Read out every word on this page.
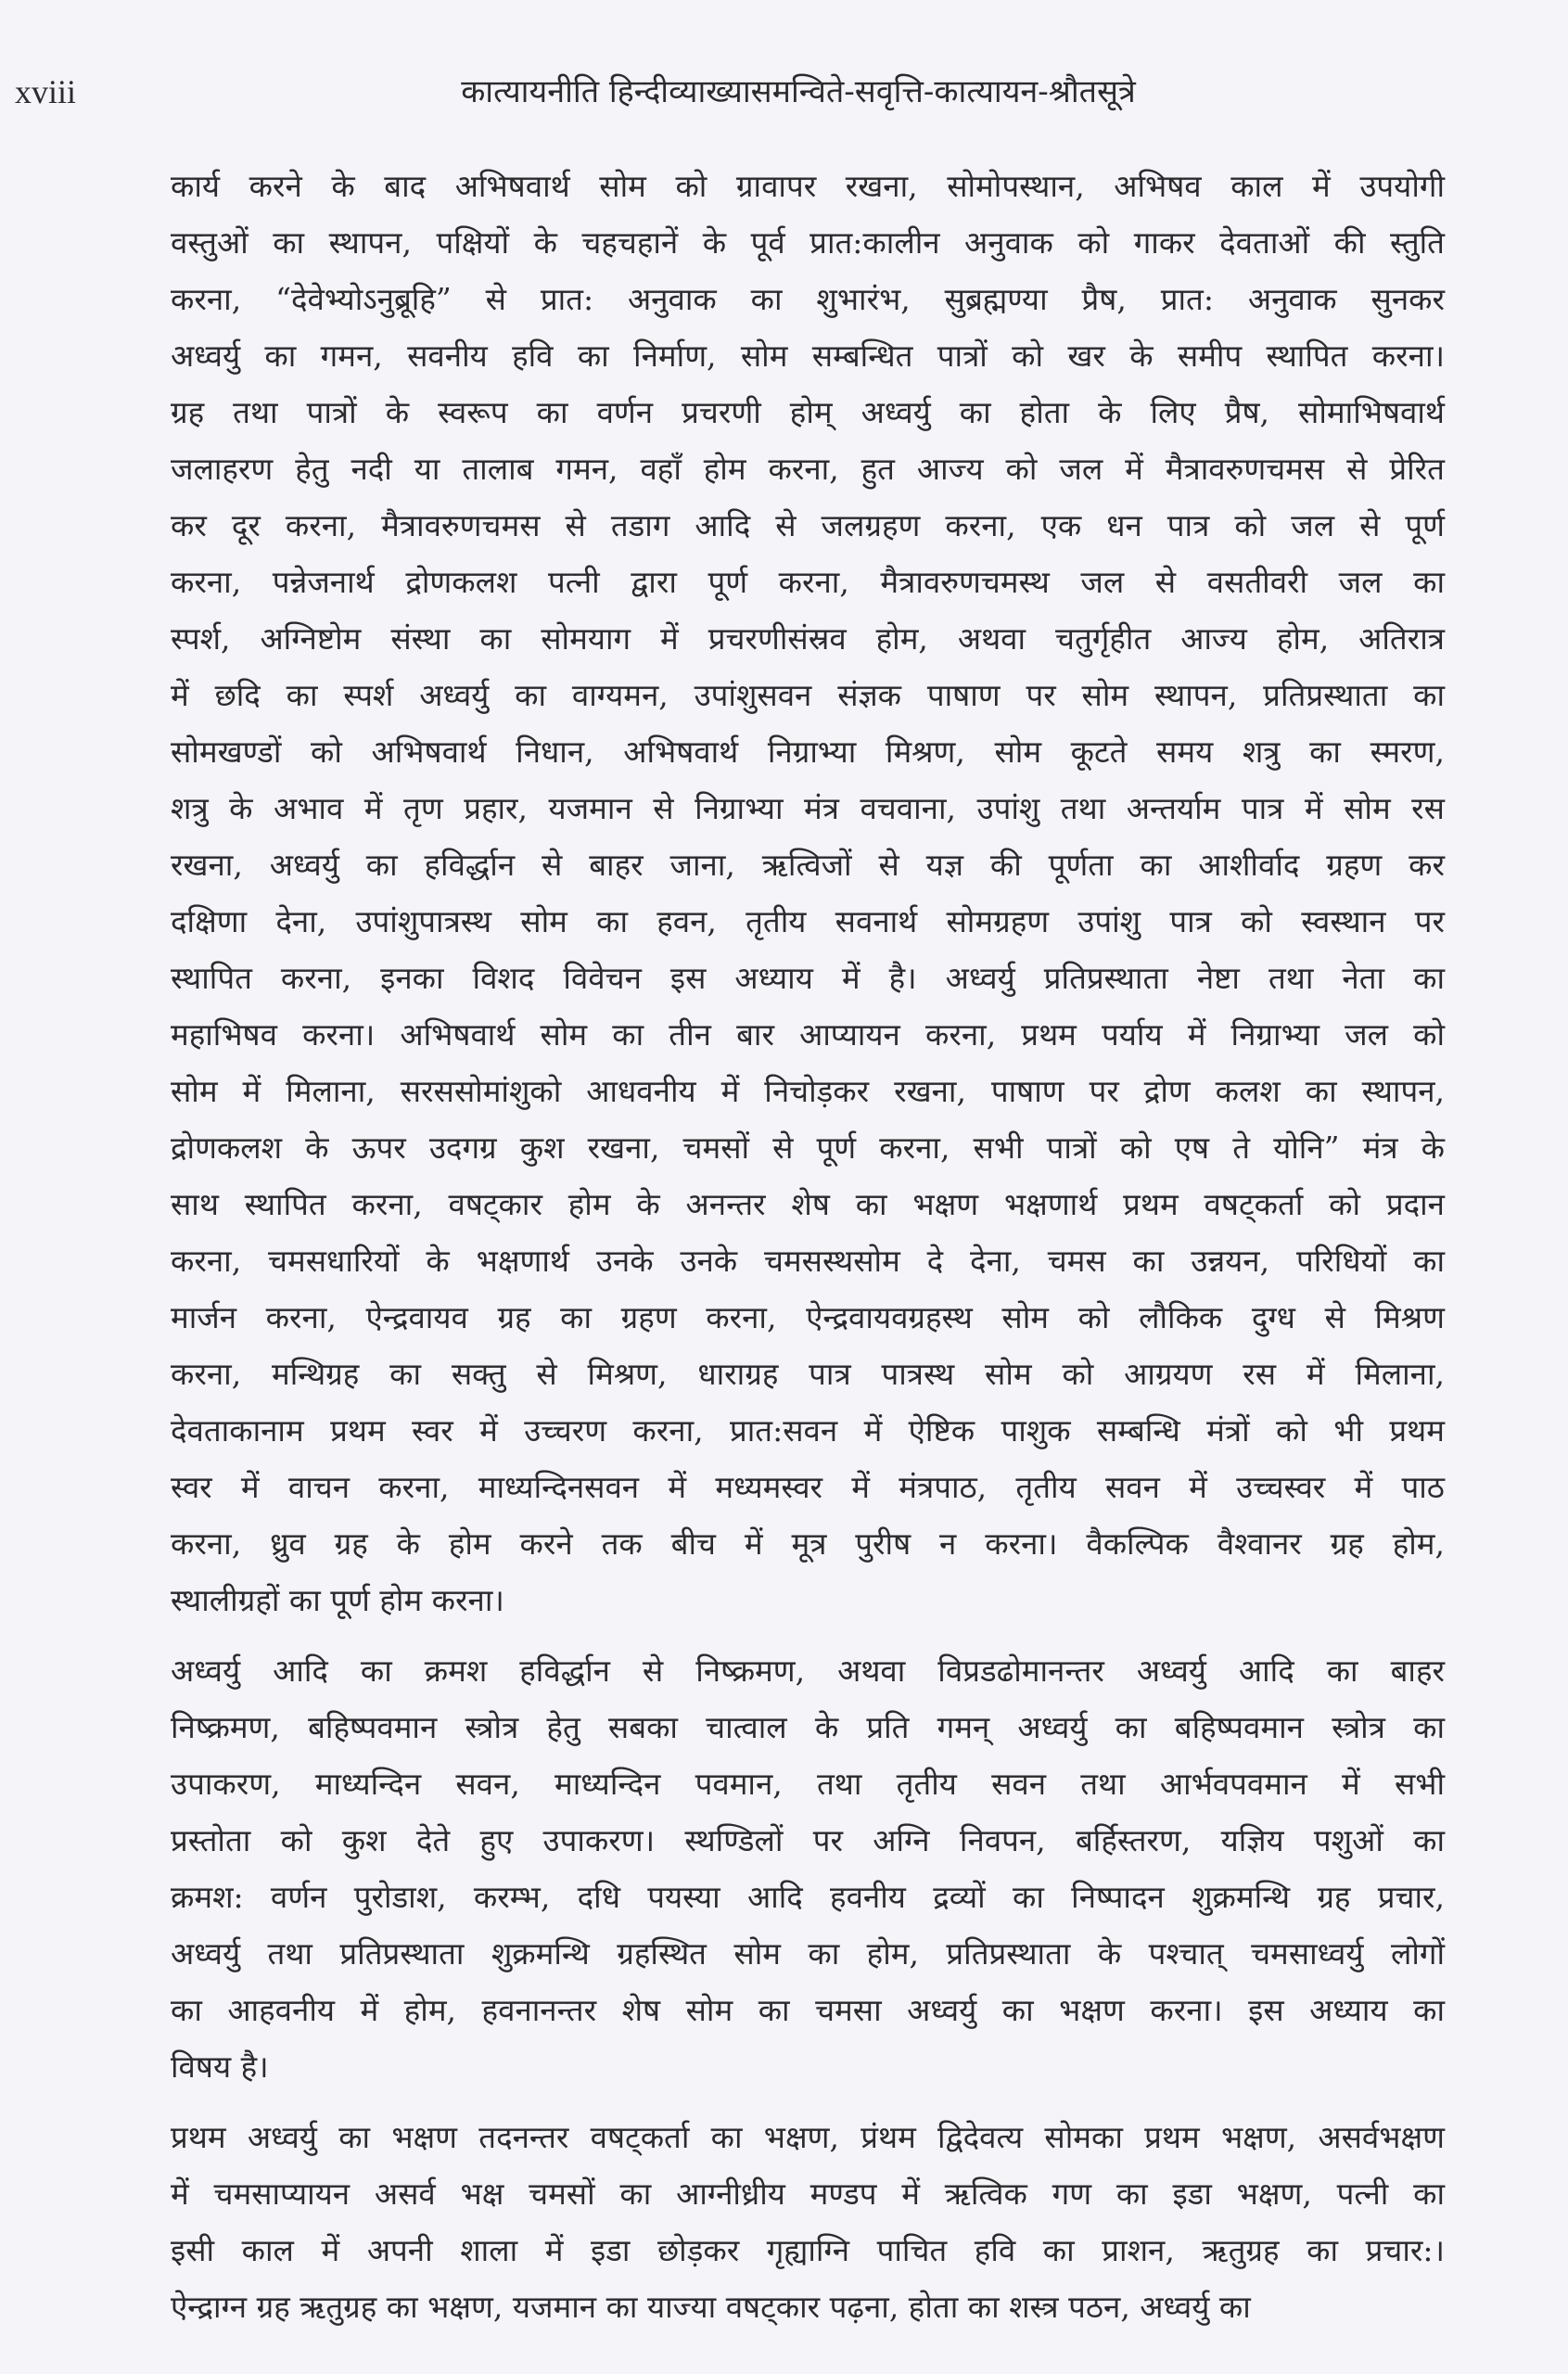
xviii	कात्यायनीति हिन्दीव्याख्यासमन्विते-सवृत्ति-कात्यायन-श्रौतसूत्रे
कार्य करने के बाद अभिषवार्थ सोम को ग्रावापर रखना, सोमोपस्थान, अभिषव काल में उपयोगी
वस्तुओं का स्थापन, पक्षियों के चहचहानें के पूर्व प्रात:कालीन अनुवाक को गाकर देवताओं की स्तुति
करना, “देवेभ्योऽनुब्रूहि” से प्रात: अनुवाक का शुभारंभ, सुब्रह्मण्या प्रैष, प्रात: अनुवाक सुनकर
अध्वर्यु का गमन, सवनीय हवि का निर्माण, सोम सम्बन्धित पात्रों को खर के समीप स्थापित करना।
ग्रह तथा पात्रों के स्वरूप का वर्णन प्रचरणी होम् अध्वर्यु का होता के लिए प्रैष, सोमाभिषवार्थ
जलाहरण हेतु नदी या तालाब गमन, वहाँ होम करना, हुत आज्य को जल में मैत्रावरुणचमस से प्रेरित
कर दूर करना, मैत्रावरुणचमस से तडाग आदि से जलग्रहण करना, एक धन पात्र को जल से पूर्ण
करना, पन्नेजनार्थ द्रोणकलश पत्नी द्वारा पूर्ण करना, मैत्रावरुणचमस्थ जल से वसतीवरी जल का
स्पर्श, अग्निष्टोम संस्था का सोमयाग में प्रचरणीसंस्रव होम, अथवा चतुर्गृहीत आज्य होम, अतिरात्र
में छदि का स्पर्श अध्वर्यु का वाग्यमन, उपांशुसवन संज्ञक पाषाण पर सोम स्थापन, प्रतिप्रस्थाता का
सोमखण्डों को अभिषवार्थ निधान, अभिषवार्थ निग्राभ्या मिश्रण, सोम कूटते समय शत्रु का स्मरण,
शत्रु के अभाव में तृण प्रहार, यजमान से निग्राभ्या मंत्र वचवाना, उपांशु तथा अन्तर्याम पात्र में सोम रस
रखना, अध्वर्यु का हविर्द्धान से बाहर जाना, ऋत्विजों से यज्ञ की पूर्णता का आशीर्वाद ग्रहण कर
दक्षिणा देना, उपांशुपात्रस्थ सोम का हवन, तृतीय सवनार्थ सोमग्रहण उपांशु पात्र को स्वस्थान पर
स्थापित करना, इनका विशद विवेचन इस अध्याय में है। अध्वर्यु प्रतिप्रस्थाता नेष्टा तथा नेता का
महाभिषव करना। अभिषवार्थ सोम का तीन बार आप्यायन करना, प्रथम पर्याय में निग्राभ्या जल को
सोम में मिलाना, सरससोमांशुको आधवनीय में निचोड़कर रखना, पाषाण पर द्रोण कलश का स्थापन,
द्रोणकलश के ऊपर उदगग्र कुश रखना, चमसों से पूर्ण करना, सभी पात्रों को एष ते योनि” मंत्र के
साथ स्थापित करना, वषट्कार होम के अनन्तर शेष का भक्षण भक्षणार्थ प्रथम वषट्कर्ता को प्रदान
करना, चमसधारियों के भक्षणार्थ उनके उनके चमसस्थसोम दे देना, चमस का उन्नयन, परिधियों का
मार्जन करना, ऐन्द्रवायव ग्रह का ग्रहण करना, ऐन्द्रवायवग्रहस्थ सोम को लौकिक दुग्ध से मिश्रण
करना, मन्थिग्रह का सक्तु से मिश्रण, धाराग्रह पात्र पात्रस्थ सोम को आग्रयण रस में मिलाना,
देवताकानाम प्रथम स्वर में उच्चरण करना, प्रात:सवन में ऐष्टिक पाशुक सम्बन्धि मंत्रों को भी प्रथम
स्वर में वाचन करना, माध्यन्दिनसवन में मध्यमस्वर में मंत्रपाठ, तृतीय सवन में उच्चस्वर में पाठ
करना, ध्रुव ग्रह के होम करने तक बीच में मूत्र पुरीष न करना। वैकल्पिक वैश्वानर ग्रह होम,
स्थालीग्रहों का पूर्ण होम करना।
अध्वर्यु आदि का क्रमश हविर्द्धान से निष्क्रमण, अथवा विप्रडढोमानन्तर अध्वर्यु आदि का बाहर
निष्क्रमण, बहिष्पवमान स्त्रोत्र हेतु सबका चात्वाल के प्रति गमन् अध्वर्यु का बहिष्पवमान स्त्रोत्र का
उपाकरण, माध्यन्दिन सवन, माध्यन्दिन पवमान, तथा तृतीय सवन तथा आर्भवपवमान में सभी
प्रस्तोता को कुश देते हुए उपाकरण। स्थण्डिलों पर अग्नि निवपन, बर्हिस्तरण, यज्ञिय पशुओं का
क्रमश: वर्णन पुरोडाश, करम्भ, दधि पयस्या आदि हवनीय द्रव्यों का निष्पादन शुक्रमन्थि ग्रह प्रचार,
अध्वर्यु तथा प्रतिप्रस्थाता शुक्रमन्थि ग्रहस्थित सोम का होम, प्रतिप्रस्थाता के पश्चात् चमसाध्वर्यु लोगों
का आहवनीय में होम, हवनानन्तर शेष सोम का चमसा अध्वर्यु का भक्षण करना। इस अध्याय का
विषय है।
प्रथम अध्वर्यु का भक्षण तदनन्तर वषट्कर्ता का भक्षण, प्रंथम द्विदेवत्य सोमका प्रथम भक्षण, असर्वभक्षण
में चमसाप्यायन असर्व भक्ष चमसों का आग्नीध्रीय मण्डप में ऋत्विक गण का इडा भक्षण, पत्नी का
इसी काल में अपनी शाला में इडा छोड़कर गृह्याग्नि पाचित हवि का प्राशन, ऋतुग्रह का प्रचार:।
ऐन्द्राग्न ग्रह ऋतुग्रह का भक्षण, यजमान का याज्या वषट्कार पढ़ना, होता का शस्त्र पठन, अध्वर्यु का
